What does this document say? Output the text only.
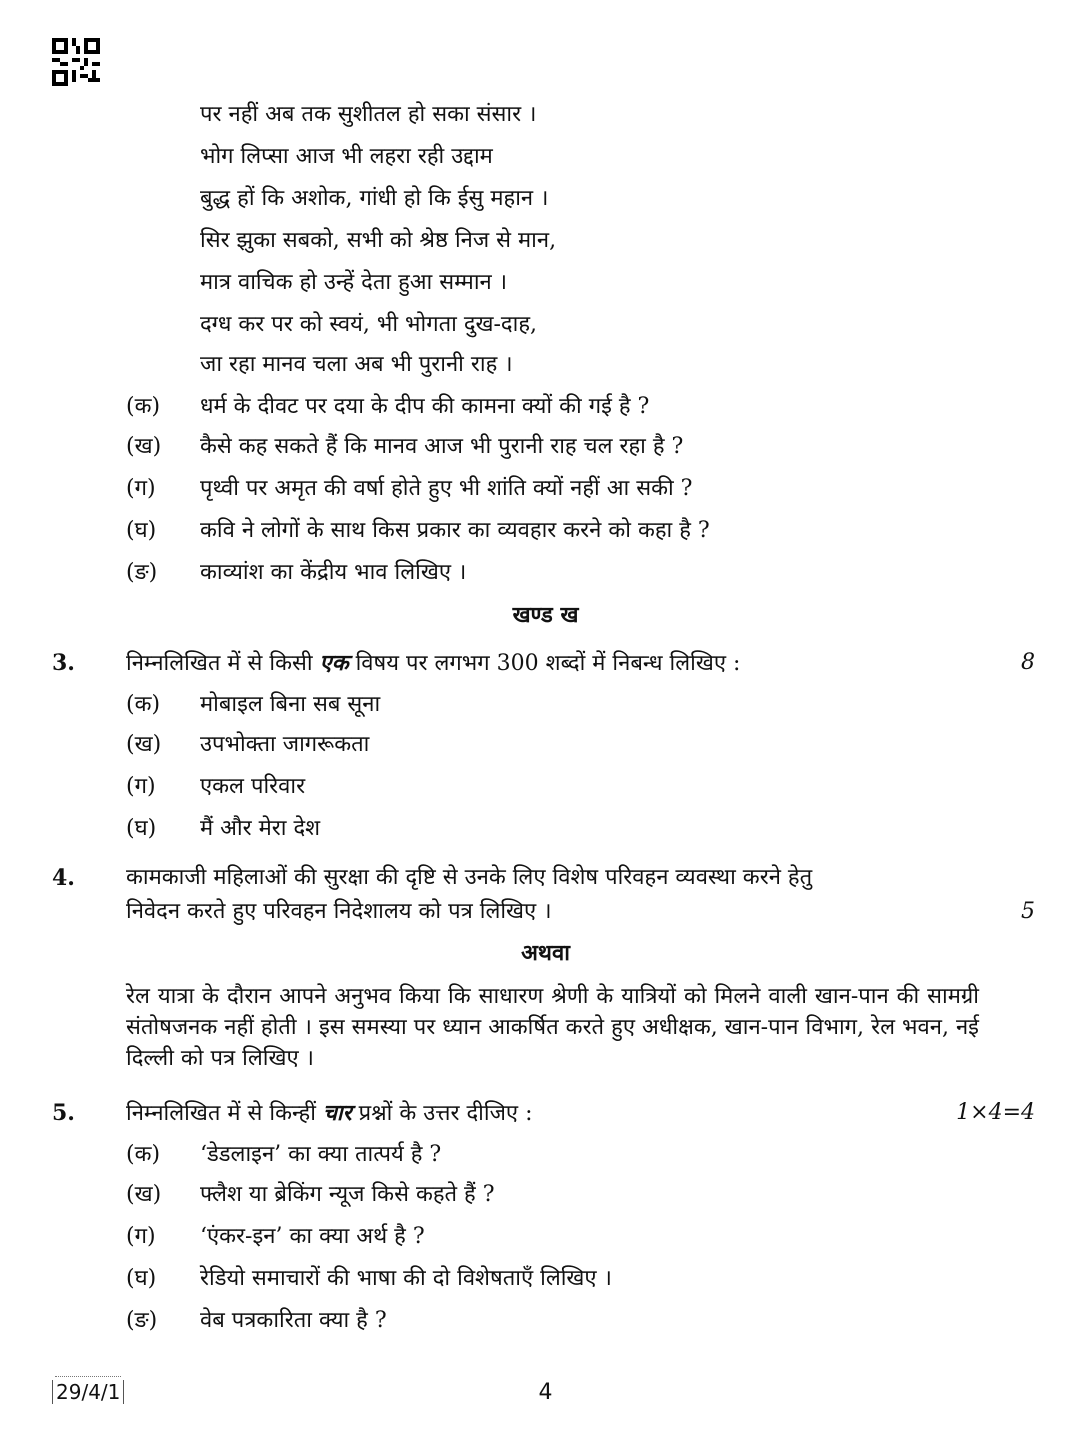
पर नहीं अब तक सुशीतल हो सका संसार ।
भोग लिप्सा आज भी लहरा रही उद्दाम
बुद्ध हों कि अशोक, गांधी हो कि ईसु महान ।
सिर झुका सबको, सभी को श्रेष्ठ निज से मान,
मात्र वाचिक हो उन्हें देता हुआ सम्मान ।
दग्ध कर पर को स्वयं, भी भोगता दुख-दाह,
जा रहा मानव चला अब भी पुरानी राह ।
(क)	धर्म के दीवट पर दया के दीप की कामना क्यों की गई है ?
(ख)	कैसे कह सकते हैं कि मानव आज भी पुरानी राह चल रहा है ?
(ग)	पृथ्वी पर अमृत की वर्षा होते हुए भी शांति क्यों नहीं आ सकी ?
(घ)	कवि ने लोगों के साथ किस प्रकार का व्यवहार करने को कहा है ?
(ङ)	काव्यांश का केंद्रीय भाव लिखिए ।
खण्ड ख
3. निम्नलिखित में से किसी एक विषय पर लगभग 300 शब्दों में निबन्ध लिखिए :	8
(क)	मोबाइल बिना सब सूना
(ख)	उपभोक्ता जागरूकता
(ग)	एकल परिवार
(घ)	मैं और मेरा देश
4. कामकाजी महिलाओं की सुरक्षा की दृष्टि से उनके लिए विशेष परिवहन व्यवस्था करने हेतु
निवेदन करते हुए परिवहन निदेशालय को पत्र लिखिए ।	5
अथवा
रेल यात्रा के दौरान आपने अनुभव किया कि साधारण श्रेणी के यात्रियों को मिलने वाली खान-पान की सामग्री संतोषजनक नहीं होती । इस समस्या पर ध्यान आकर्षित करते हुए अधीक्षक, खान-पान विभाग, रेल भवन, नई दिल्ली को पत्र लिखिए ।
5. निम्नलिखित में से किन्हीं चार प्रश्नों के उत्तर दीजिए :	1×4=4
(क)	‘डेडलाइन’ का क्या तात्पर्य है ?
(ख)	फ्लैश या ब्रेकिंग न्यूज किसे कहते हैं ?
(ग)	‘एंकर-इन’ का क्या अर्थ है ?
(घ)	रेडियो समाचारों की भाषा की दो विशेषताएँ लिखिए ।
(ङ)	वेब पत्रकारिता क्या है ?
29/4/1	4
